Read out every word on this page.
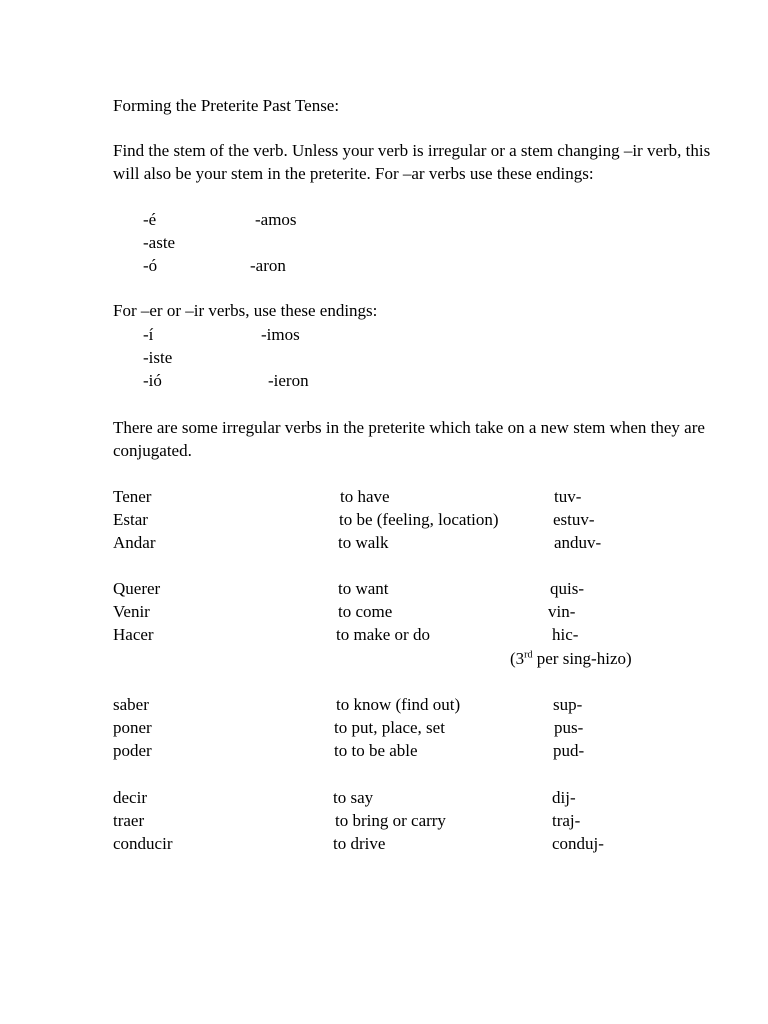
Forming the Preterite Past Tense:
Find the stem of the verb. Unless your verb is irregular or a stem changing –ir verb, this will also be your stem in the preterite. For –ar verbs use these endings:
-é	-amos
-aste
-ó	-aron
For –er or –ir verbs, use these endings:
-í	-imos
-iste
-ió	-ieron
There are some irregular verbs in the preterite which take on a new stem when they are conjugated.
Tener	to have	tuv-
Estar	to be (feeling, location)	estuv-
Andar	to walk	anduv-
Querer	to want	quis-
Venir	to come	vin-
Hacer	to make or do	hic-
(3rd per sing-hizo)
saber	to know (find out)	sup-
poner	to put, place, set	pus-
poder	to to be able	pud-
decir	to say	dij-
traer	to bring or carry	traj-
conducir	to drive	conduj-
